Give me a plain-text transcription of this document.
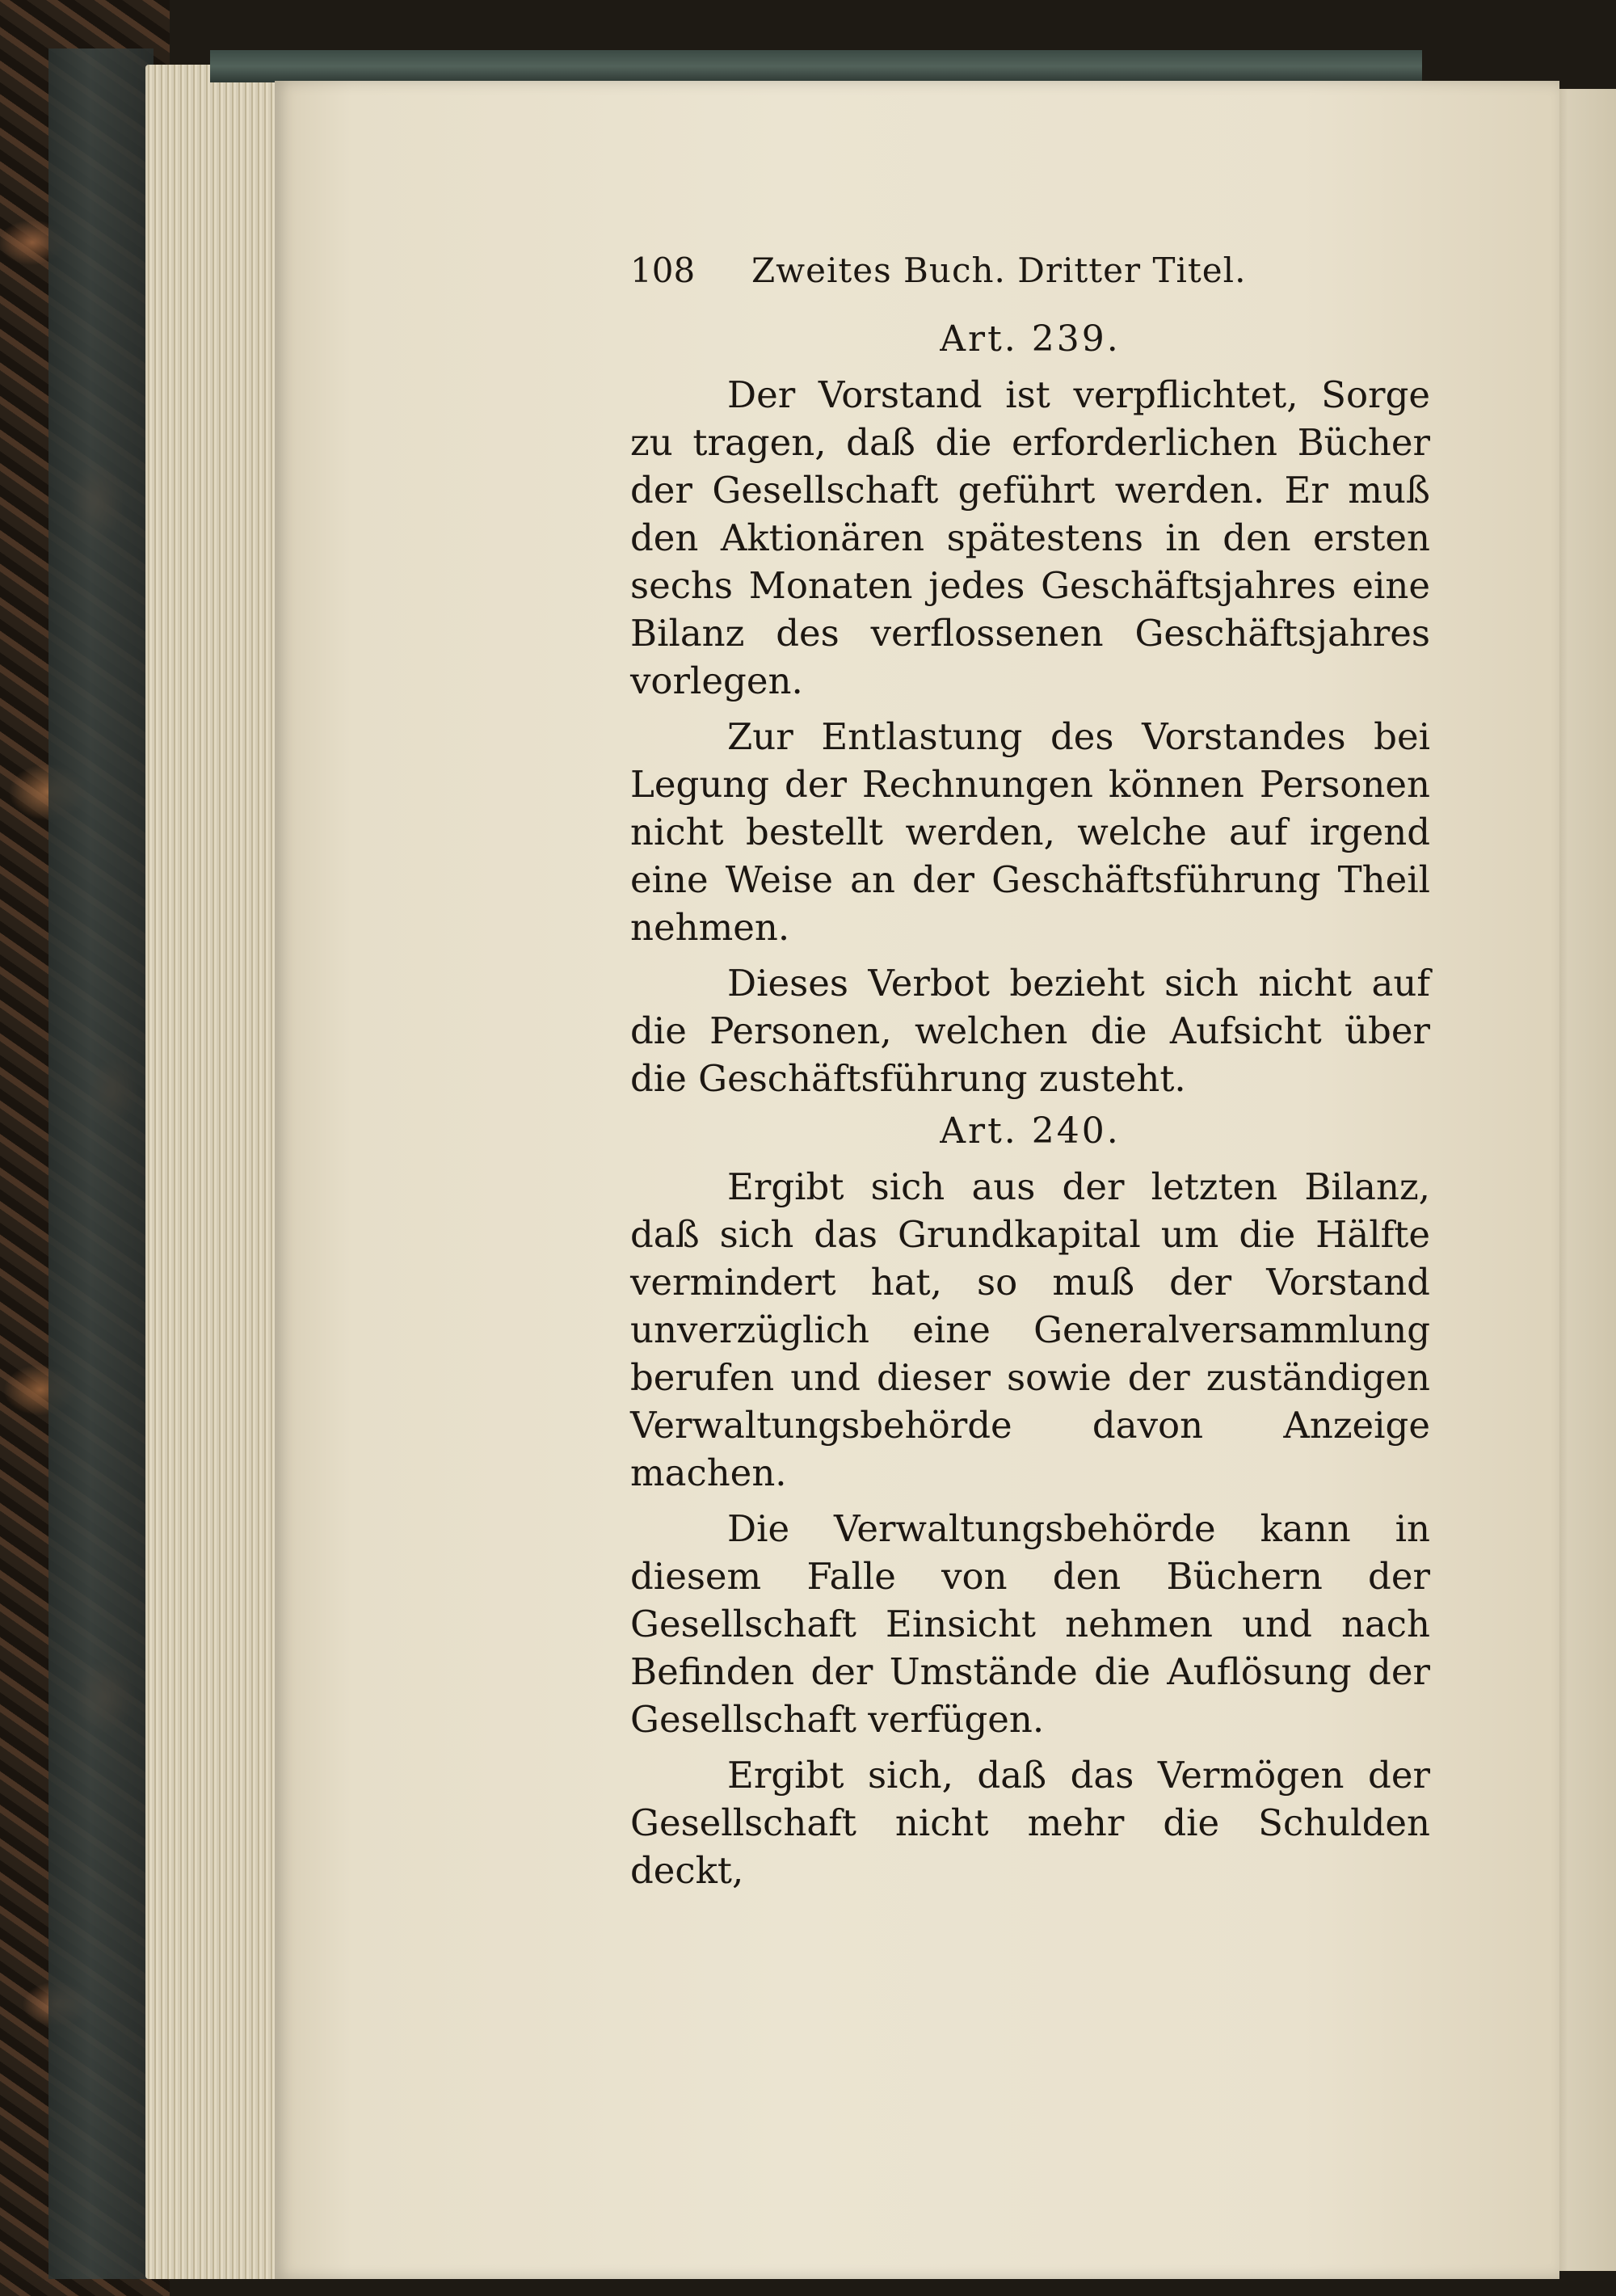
108 Zweites Buch. Dritter Titel.
Art. 239.

Der Vorstand ist verpflichtet, Sorge zu tragen, daß die erforderlichen Bücher der Gesellschaft geführt werden. Er muß den Aktionären spätestens in den ersten sechs Monaten jedes Geschäftsjahres eine Bilanz des verflossenen Geschäftsjahres vorlegen.

Zur Entlastung des Vorstandes bei Legung der Rechnungen können Personen nicht bestellt werden, welche auf irgend eine Weise an der Geschäftsführung Theil nehmen.

Dieses Verbot bezieht sich nicht auf die Personen, welchen die Aufsicht über die Geschäftsführung zusteht.

Art. 240.

Ergibt sich aus der letzten Bilanz, daß sich das Grundkapital um die Hälfte vermindert hat, so muß der Vorstand unverzüglich eine Generalversammlung berufen und dieser sowie der zuständigen Verwaltungsbehörde davon Anzeige machen.

Die Verwaltungsbehörde kann in diesem Falle von den Büchern der Gesellschaft Einsicht nehmen und nach Befinden der Umstände die Auflösung der Gesellschaft verfügen.

Ergibt sich, daß das Vermögen der Gesellschaft nicht mehr die Schulden deckt,
